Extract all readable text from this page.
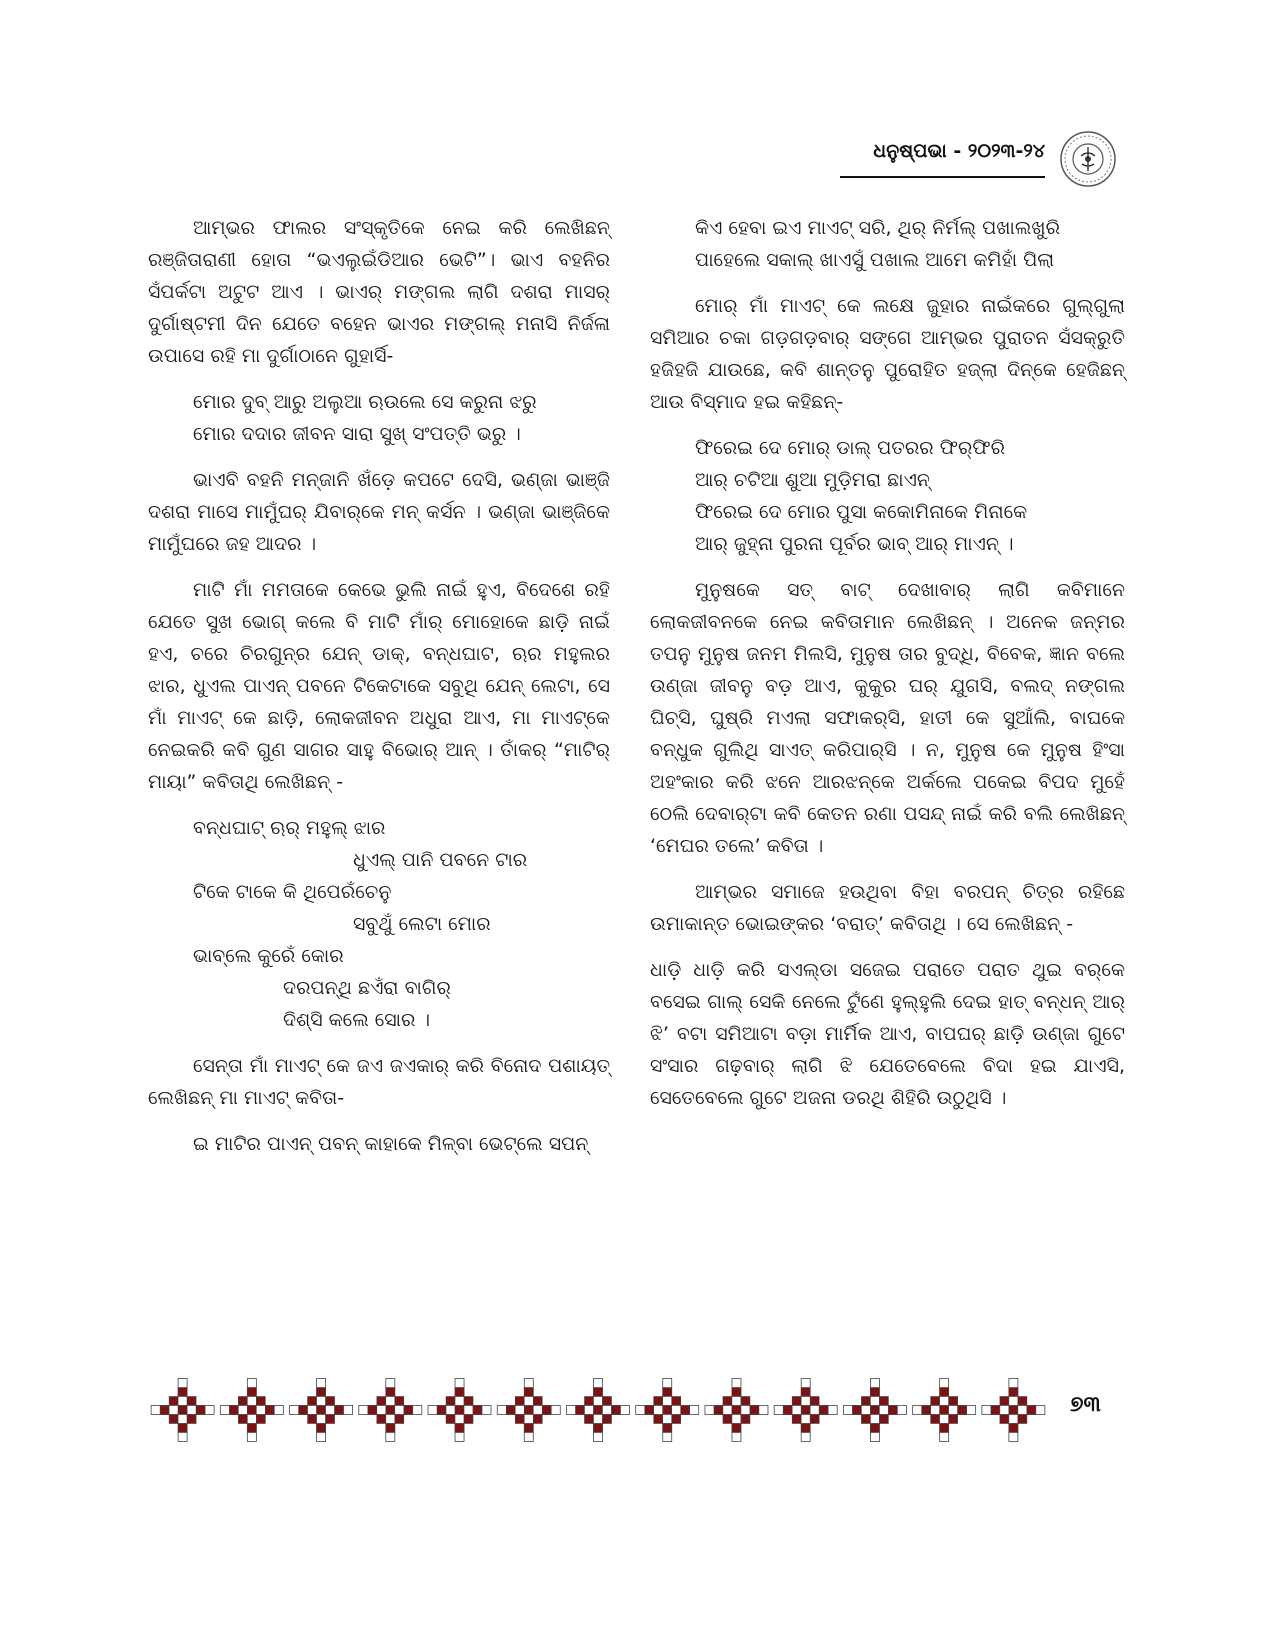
ଧନୁଷ୍ପଭା - ୨୦୨୩-୨୪

ଆମ୍ଭର ଫାଲର ସଂସ୍କୃତିକେ ନେଇ କରି ଲେଖିଛନ୍ ରଞ୍ଜିତାରାଣୀ ହୋତା “ଭଏଲୁଇଁଡିଆର ଭେଟି”। ଭାଏ ବହନିର ସଁପର୍କଟା ଅଟୁଟ ଆଏ । ଭାଏର୍ ମଙ୍ଗଲ ଲାଗି ଦଶରା ମାସର୍ ଦୁର୍ଗାଷ୍ଟମୀ ଦିନ ଯେତେ ବହେନ ଭାଏର ମଙ୍ଗଲ୍ ମନାସି ନିର୍ଜଳା ଉପାସେ ରହି ମା ଦୁର୍ଗାଠାନେ ଗୁହାର୍ସି-

ମୋର ଦୁବ୍ ଆରୁ ଅଲୁଆ ଋଉଲେ ସେ କରୁନା ଝରୁ
ମୋର ଦଦାର ଜୀବନ ସାରା ସୁଖ୍ ସଂପତ୍ତି ଭରୁ ।

ଭାଏବି ବହନି ମନ୍‌ଜାନି ଖଁଡ଼େ କପଟେ ଦେସି, ଭଣ୍ଜା ଭାଞ୍ଜି ଦଶରା ମାସେ ମାମୁଁଘର୍ ଯିବାର୍‌କେ ମନ୍ କର୍ସନ । ଭଣ୍ଜା ଭାଞ୍ଜିକେ ମାମୁଁଘରେ ଜହ ଆଦର ।

ମାଟି ମାଁ ମମତାକେ କେଭେ ଭୁଲି ନାଇଁ ହୁଏ, ବିଦେଶେ ରହି ଯେତେ ସୁଖ ଭୋଗ୍ କଲେ ବି ମାଟି ମାଁର୍ ମୋହୋକେ ଛାଡ଼ି ନାଇଁ ହଏ, ଚରେ ଚିରଗୁନ୍‌ର ଯେନ୍ ଡାକ୍, ବନ୍ଧଘାଟ, ଋର ମହୁଲର ଝାର, ଧୁଏଲ ପାଏନ୍ ପବନେ ଟିକେଟାକେ ସବୁଥି ଯେନ୍ ଲେଟା, ସେ ମାଁ ମାଏଟ୍ କେ ଛାଡ଼ି, ଲୋକଜୀବନ ଅଧୁରା ଆଏ, ମା ମାଏଟ୍‌କେ ନେଇକରି କବି ଗୁଣ ସାଗର ସାହୁ ବିଭୋର୍ ଆନ୍ । ତାଁକର୍ “ମାଟିର୍ ମାୟା” କବିତାଥି ଲେଖିଛନ୍ -

ବନ୍ଧଘାଟ୍ ଋର୍ ମହୁଲ୍ ଝାର
ଧୁଏଲ୍ ପାନି ପବନେ ଟାର
ଟିକେ ଟାକେ କି ଥିପେରଁଚେନୁ
ସବୁଥୁଁ ଲେଟା ମୋର
ଭାବ୍‌ଲେ କୁରେଁ କୋର
ଦରପନ୍‌ଥି ଛଏଁରା ବାଗିର୍
ଦିଶ୍‌ସି କଲେ ସୋର ।

ସେନ୍ତା ମାଁ ମାଏଟ୍ କେ ଜଏ ଜଏକାର୍ କରି ବିନୋଦ ପଶାୟତ୍ ଲେଖିଛନ୍ ମା ମାଏଟ୍ କବିତା-

ଇ ମାଟିର ପାଏନ୍ ପବନ୍ କାହାକେ ମିଳ୍‌ବା ଭେଟ୍‌ଲେ ସପନ୍
କିଏ ହେବା ଇଏ ମାଏଟ୍ ସରି, ଥିର୍ ନିର୍ମଲ୍ ପଖାଲଖୁରି
ପାହେଲେ ସକାଲ୍ ଖାଏସୁଁ ପଖାଲ ଆମେ କମିହାଁ ପିଲା

ମୋର୍ ମାଁ ମାଏଟ୍ କେ ଲକ୍ଷେ ଜୁହାର ନାଇଁକରେ ଗୁଲ୍‌ଗୁଲା ସମିଆର ଚକା ଗଡ଼ଗଡ଼ବାର୍ ସଙ୍ଗେ ଆମ୍ଭର ପୁରାତନ ସଁସକ୍ରୁତି ହଜିହଜି ଯାଉଛେ, କବି ଶାନ୍ତନୁ ପୁରୋହିତ ହଜ୍‌ଲା ଦିନ୍‌କେ ହେଜିଛନ୍ ଆଉ ବିସ୍ମାଦ ହଇ କହିଛନ୍-

ଫିରେଇ ଦେ ମୋର୍ ଡାଲ୍ ପତରର ଫିର୍‌ଫିରି
ଆର୍ ଚଟିଆ ଶୁଆ ମୁଡ଼ିମରା ଛାଏନ୍
ଫିରେଇ ଦେ ମୋର ପୁସା କକୋମିନାକେ ମିନାକେ
ଆର୍ ଜୁହ୍ନା ପୁରନା ପୂର୍ବର ଭାବ୍ ଆର୍ ମାଏନ୍ ।

ମୁନୁଷକେ ସତ୍ ବାଟ୍ ଦେଖାବାର୍ ଲାଗି କବିମାନେ ଲୋକଜୀବନକେ ନେଇ କବିତାମାନ ଲେଖିଛନ୍ । ଅନେକ ଜନ୍ମର ତପନୁ ମୁନୁଷ ଜନମ ମିଲସି, ମୁନୁଷ ତାର ବୁଦ୍ଧି, ବିବେକ, ଜ୍ଞାନ ବଲେ ଉଣ୍ଜା ଜୀବନୁ ବଡ଼ ଆଏ, କୁକୁର ଘର୍ ଯୁଗସି, ବଲଦ୍ ନଙ୍ଗଲ ଘିଚ୍‌ସି, ଘୁଷ୍ରି ମଏଲା ସଫାକର୍‌ସି, ହାତୀ କେ ସୁଆଁଲି, ବାଘକେ ବନ୍ଧୁକ ଗୁଲିଥି ସାଏତ୍ କରିପାର୍‌ସି । ନ, ମୁନୁଷ କେ ମୁନୁଷ ହିଂସା ଅହଂକାର କରି ଝନେ ଆରଝନ୍‌କେ ଅର୍କଲେ ପକେଇ ବିପଦ ମୁହେଁ ଠେଲି ଦେବାର୍‌ଟା କବି କେତନ ରଣା ପସନ୍ଦ୍ ନାଇଁ କରି ବଲି ଲେଖିଛନ୍ ‘ମେଘର ତଲେ’ କବିତା ।

ଆମ୍ଭର ସମାଜେ ହଉଥିବା ବିହା ବରପନ୍ ଚିତ୍ର ରହିଛେ ଉମାକାନ୍ତ ଭୋଇଙ୍କର ‘ବରାତ୍’ କବିତାଥି । ସେ ଲେଖିଛନ୍ -

ଧାଡ଼ି ଧାଡ଼ି କରି ସଏଲ୍‌ଡା ସଜେଇ ପରାତେ ପରାତ ଥୁଇ ବର୍‌କେ ବସେଇ ଗାଲ୍ ସେକି ନେଲେ ଟୁଁଣେ ହୁଲ୍‌ହୁଲି ଦେଇ ହାତ୍ ବନ୍ଧନ୍ ଆର୍ ଝି’ ବଟା ସମିଆଟା ବଡ଼ା ମାର୍ମିକ ଆଏ, ବାପଘର୍ ଛାଡ଼ି ଉଣ୍ଜା ଗୁଟେ ସଂସାର ଗଢ଼ବାର୍ ଲାଗି ଝି ଯେତେବେଲେ ବିଦା ହଇ ଯାଏସି, ସେତେବେଲେ ଗୁଟେ ଅଜନା ଡରଥି ଶିହିରି ଉଠୁଥିସି ।

୭୩
